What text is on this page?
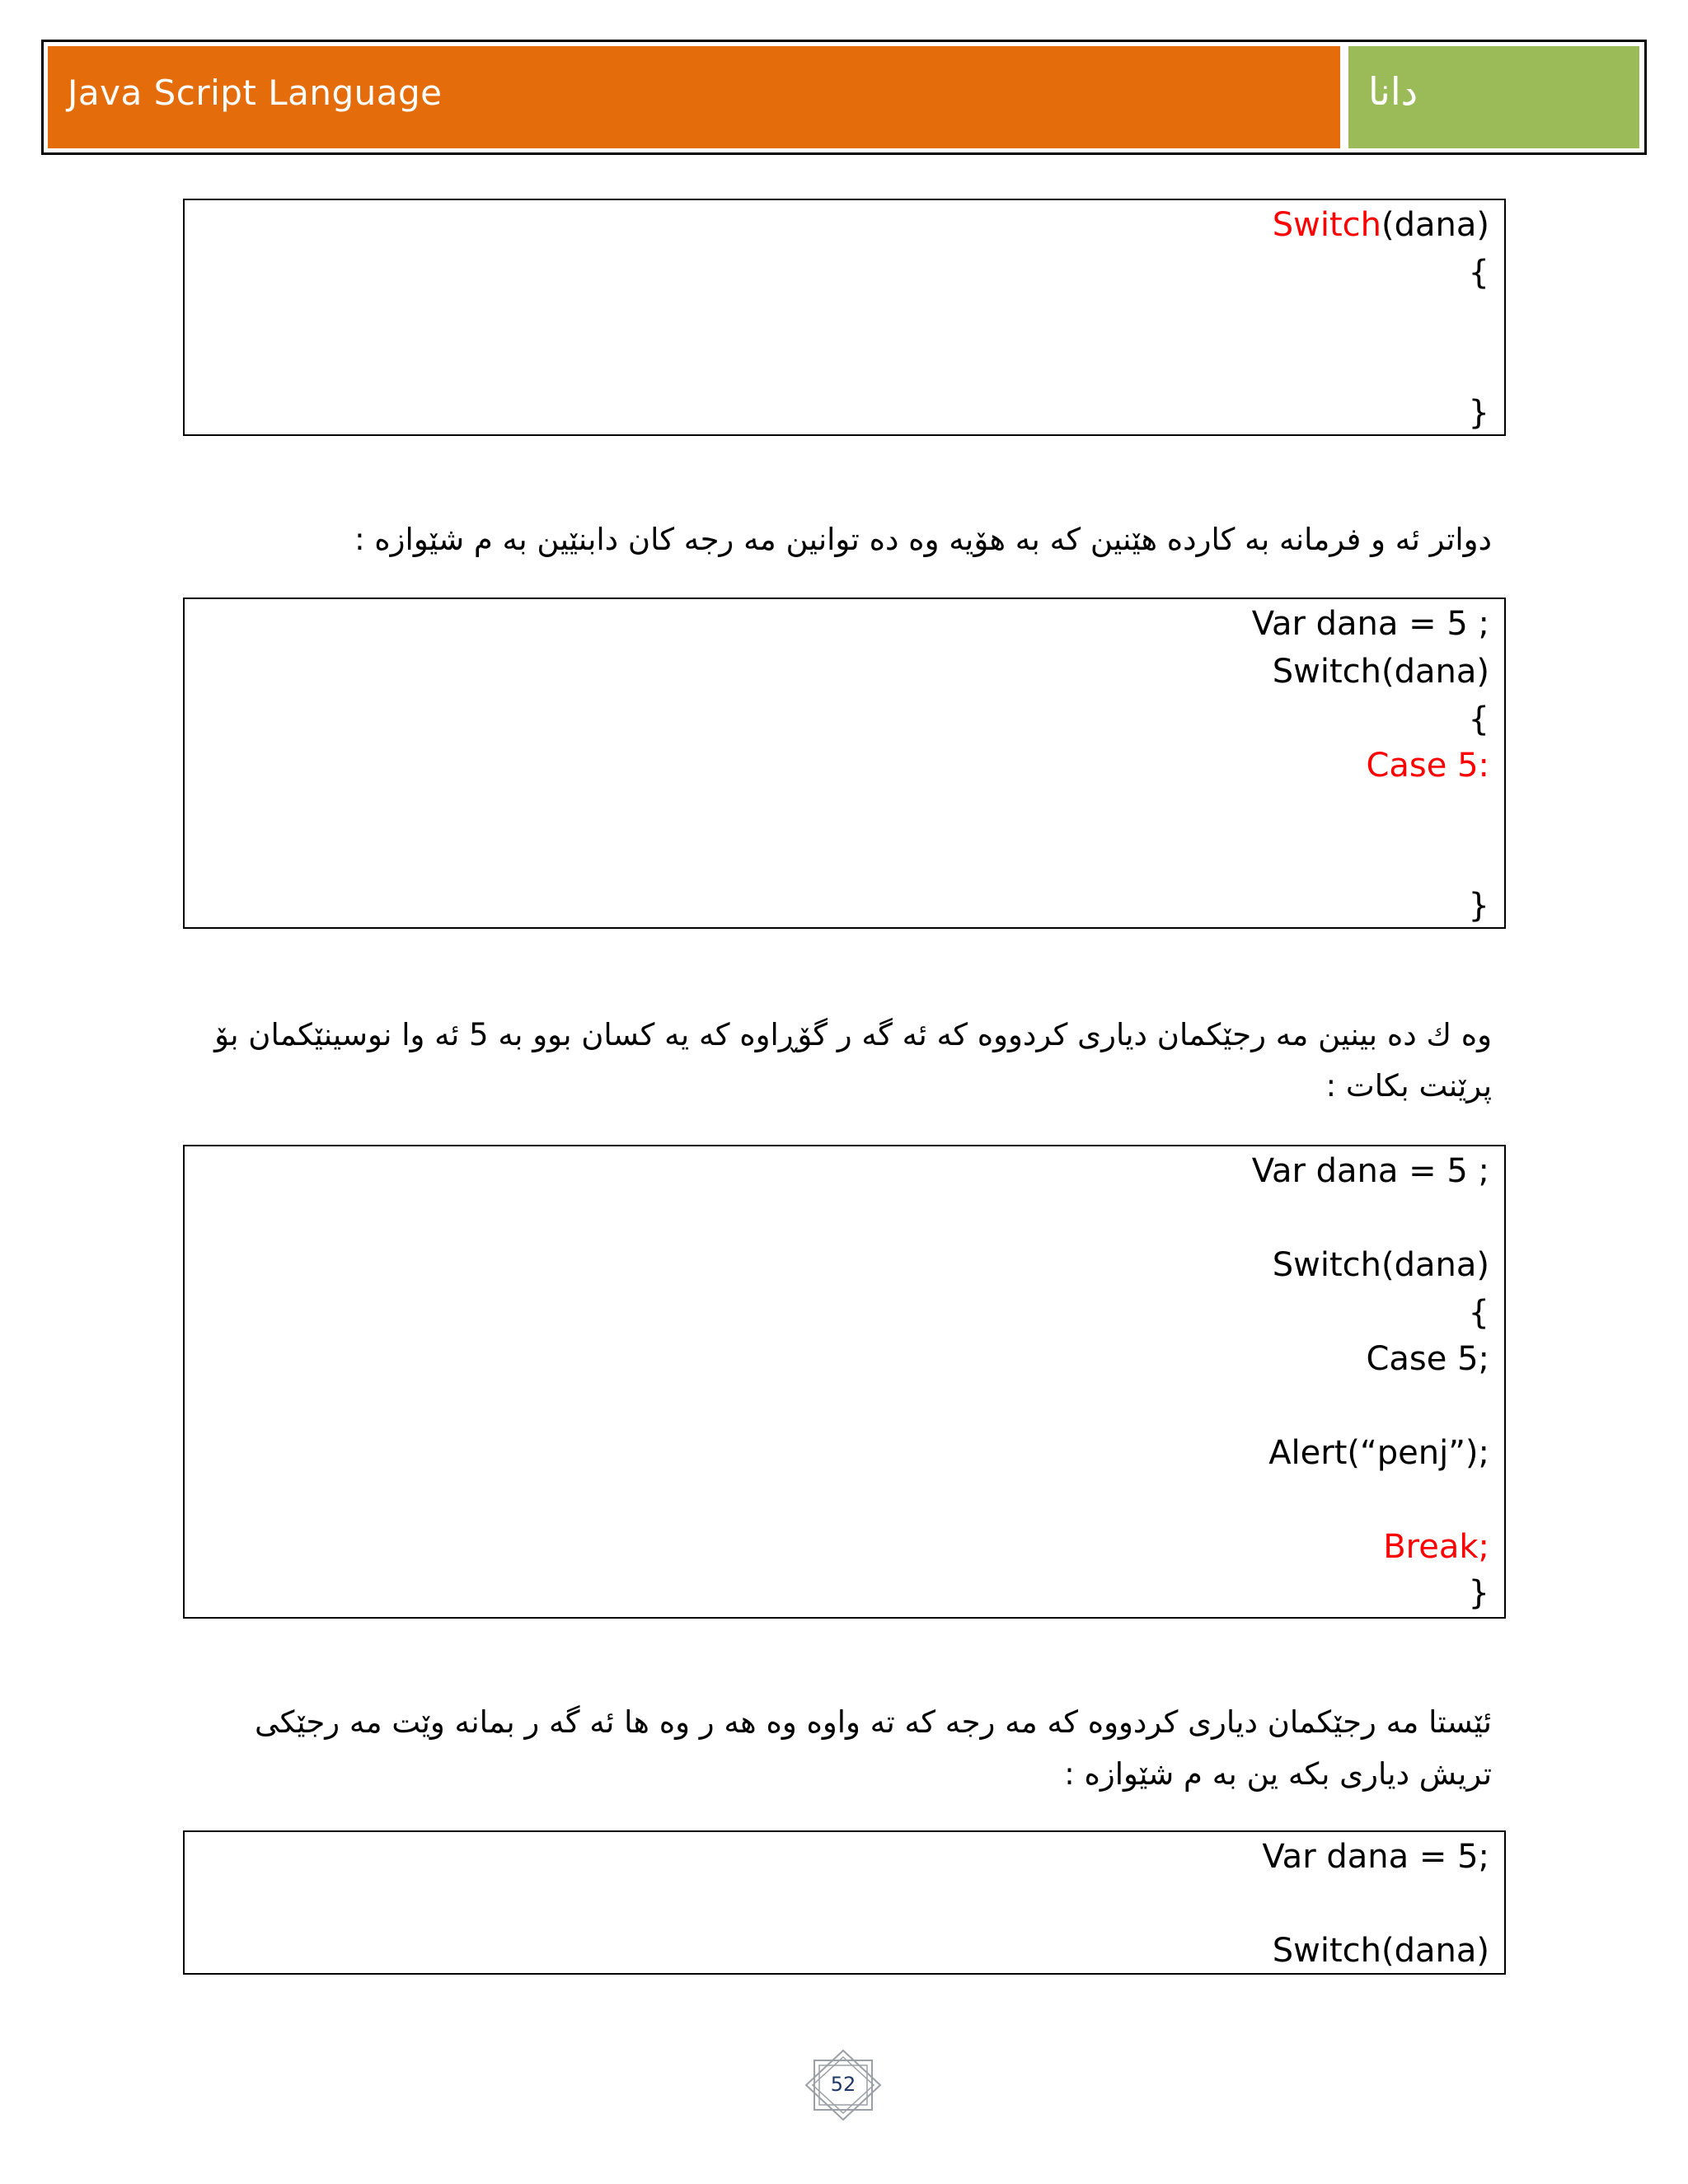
Java Script Language	دانا
Switch(dana)
{
}
دواتر ئه و فرمانه به كارده هێنين كه به هۆيه وه ده توانين مه رجه كان دابنێين به م شێوازه :
Var dana = 5 ;
Switch(dana)
{
Case 5:
}
وه ك ده بينين مه رجێكمان دياری كردووه كه ئه گه ر گۆڕاوه كه يه كسان بوو به 5 ئه وا نوسينێكمان بۆ
پرێنت بكات :
Var dana = 5 ;
Switch(dana)
{
Case 5;
Alert(“penj”);
Break;
}
ئێستا مه رجێكمان دياری كردووه كه مه رجه كه ته واوه وه هه ر وه ها ئه گه ر بمانه وێت مه رجێكی
تريش دياری بكه ين به م شێوازه :
Var dana = 5;
Switch(dana)
52
